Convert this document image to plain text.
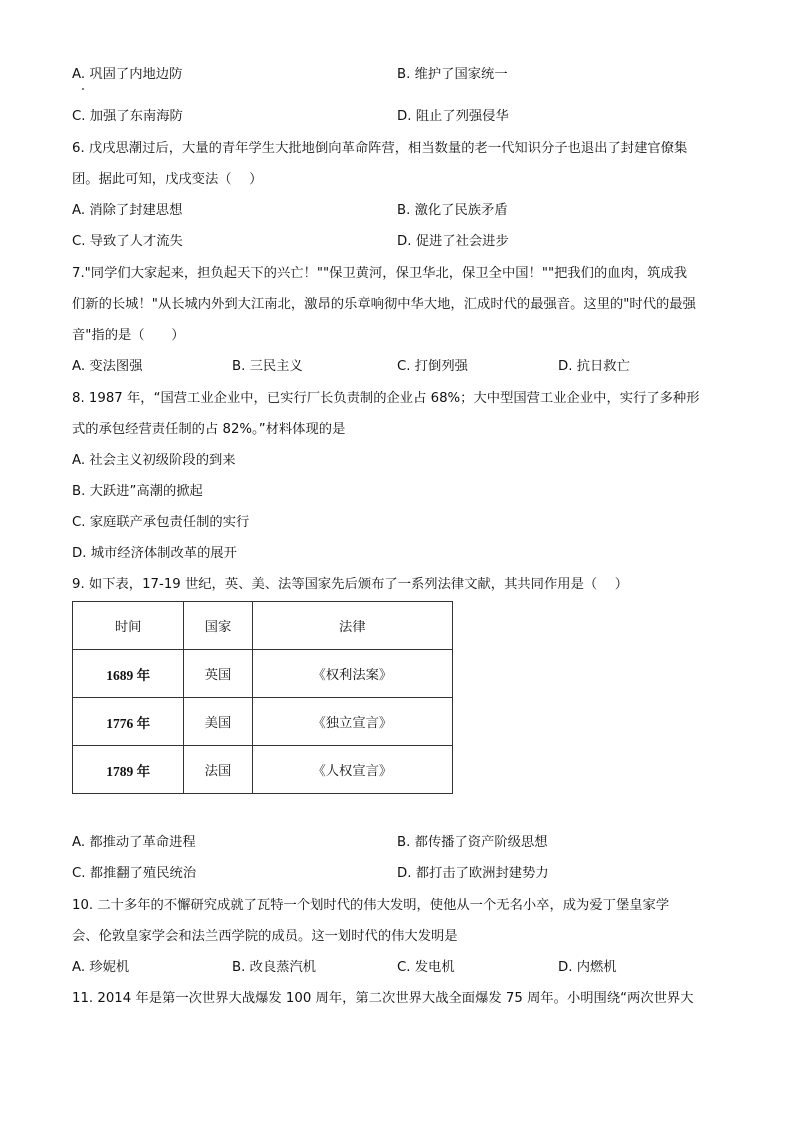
A. 巩固了内地边防	B. 维护了国家统一
C. 加强了东南海防	D. 阻止了列强侵华
6. 戊戌思潮过后，大量的青年学生大批地倒向革命阵营，相当数量的老一代知识分子也退出了封建官僚集
团。据此可知，戊戌变法（　 ）
A. 消除了封建思想	B. 激化了民族矛盾
C. 导致了人才流失	D. 促进了社会进步
7."同学们大家起来，担负起天下的兴亡！""保卫黄河，保卫华北，保卫全中国！""把我们的血肉，筑成我
们新的长城！"从长城内外到大江南北，激昂的乐章响彻中华大地，汇成时代的最强音。这里的"时代的最强
音"指的是（　　）
A. 变法图强	B. 三民主义	C. 打倒列强	D. 抗日救亡
8. 1987 年，“国营工业企业中，已实行厂长负责制的企业占 68%；大中型国营工业企业中，实行了多种形
式的承包经营责任制的占 82%。”材料体现的是
A. 社会主义初级阶段的到来
B. 大跃进”高潮的掀起
C. 家庭联产承包责任制的实行
D. 城市经济体制改革的展开
9. 如下表，17-19 世纪，英、美、法等国家先后颁布了一系列法律文献，其共同作用是（　 ）
时间	国家	法律
1689 年	英国	《权利法案》
1776 年	美国	《独立宣言》
1789 年	法国	《人权宣言》
A. 都推动了革命进程	B. 都传播了资产阶级思想
C. 都推翻了殖民统治	D. 都打击了欧洲封建势力
10. 二十多年的不懈研究成就了瓦特一个划时代的伟大发明，使他从一个无名小卒，成为爱丁堡皇家学
会、伦敦皇家学会和法兰西学院的成员。这一划时代的伟大发明是
A. 珍妮机	B. 改良蒸汽机	C. 发电机	D. 内燃机
11. 2014 年是第一次世界大战爆发 100 周年，第二次世界大战全面爆发 75 周年。小明围绕“两次世界大
